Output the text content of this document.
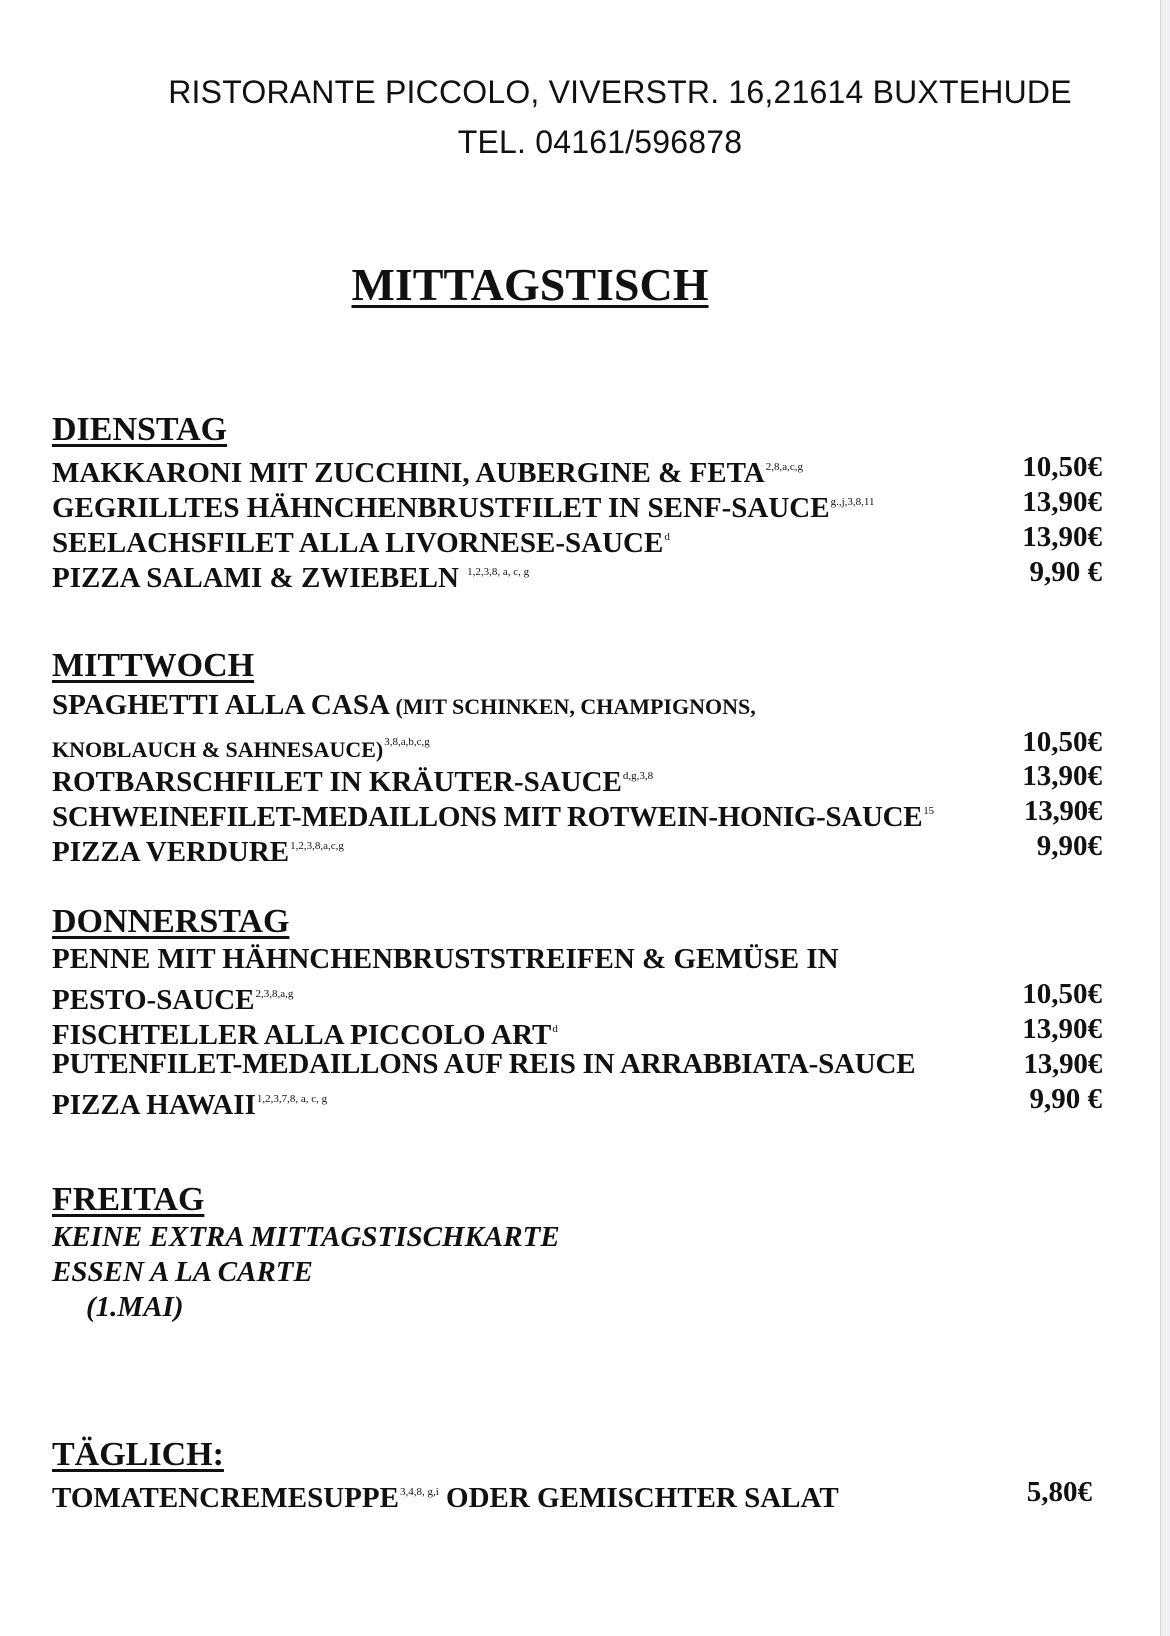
RISTORANTE PICCOLO, VIVERSTR. 16,21614 BUXTEHUDE
TEL. 04161/596878
MITTAGSTISCH
DIENSTAG
MAKKARONI MIT ZUCCHINI, AUBERGINE & FETA$^{2,8,a,c,g}$	10,50€
GEGRILLTES HÄHNCHENBRUSTFILET IN SENF-$SAUCE^{g.,j,3,8,11}$	13,90€
SEELACHSFILET ALLA LIVORNESE-SAUCE$^d$	13,90€
PIZZA SALAMI & ZWIEBELN $^{1,2,3,8, a, c, g}$	9,90 €
MITTWOCH
SPAGHETTI ALLA CASA (MIT SCHINKEN, CHAMPIGNONS,
KNOBLAUCH & SAHNESAUCE)$^{3,8,a,b,c,g}$	10,50€
ROTBARSCHFILET IN KRÄUTER-SAUCE$^{d,g,3,8}$	13,90€
SCHWEINEFILET-MEDAILLONS MIT ROTWEIN-HONIG-SAUCE$^{15}$	13,90€
PIZZA VERDURE$^{1,2,3,8,a,c,g}$	9,90€
DONNERSTAG
PENNE MIT HÄHNCHENBRUSTSTREIFEN & GEMÜSE IN
PESTO-SAUCE$^{2,3,8,a,g}$	10,50€
FISCHTELLER ALLA PICCOLO ART$^d$	13,90€
PUTENFILET-MEDAILLONS AUF REIS IN ARRABBIATA-SAUCE	13,90€
PIZZA HAWAII$^{1,2,3,7,8, a, c, g}$	9,90 €
FREITAG
KEINE EXTRA MITTAGSTISCHKARTE
ESSEN A LA CARTE
(1.MAI)
TÄGLICH:
TOMATENCREMESUPPE$^{3,4,8, g,i}$ ODER GEMISCHTER SALAT	5,80€
